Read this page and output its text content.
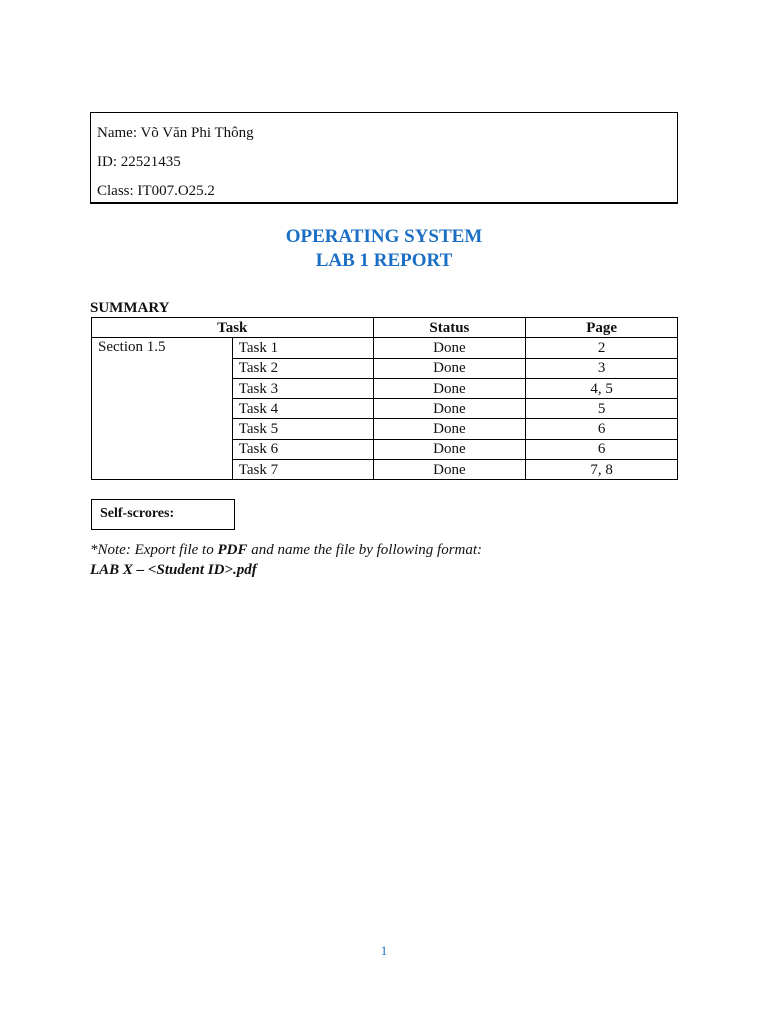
Name: Võ Văn Phi Thông
ID: 22521435
Class: IT007.O25.2
OPERATING SYSTEM
LAB 1 REPORT
SUMMARY
Task		Status	Page
Section 1.5	Task 1	Done	2
	Task 2	Done	3
	Task 3	Done	4, 5
	Task 4	Done	5
	Task 5	Done	6
	Task 6	Done	6
	Task 7	Done	7, 8
Self-scrores:
*Note: Export file to PDF and name the file by following format:
LAB X – <Student ID>.pdf
1
